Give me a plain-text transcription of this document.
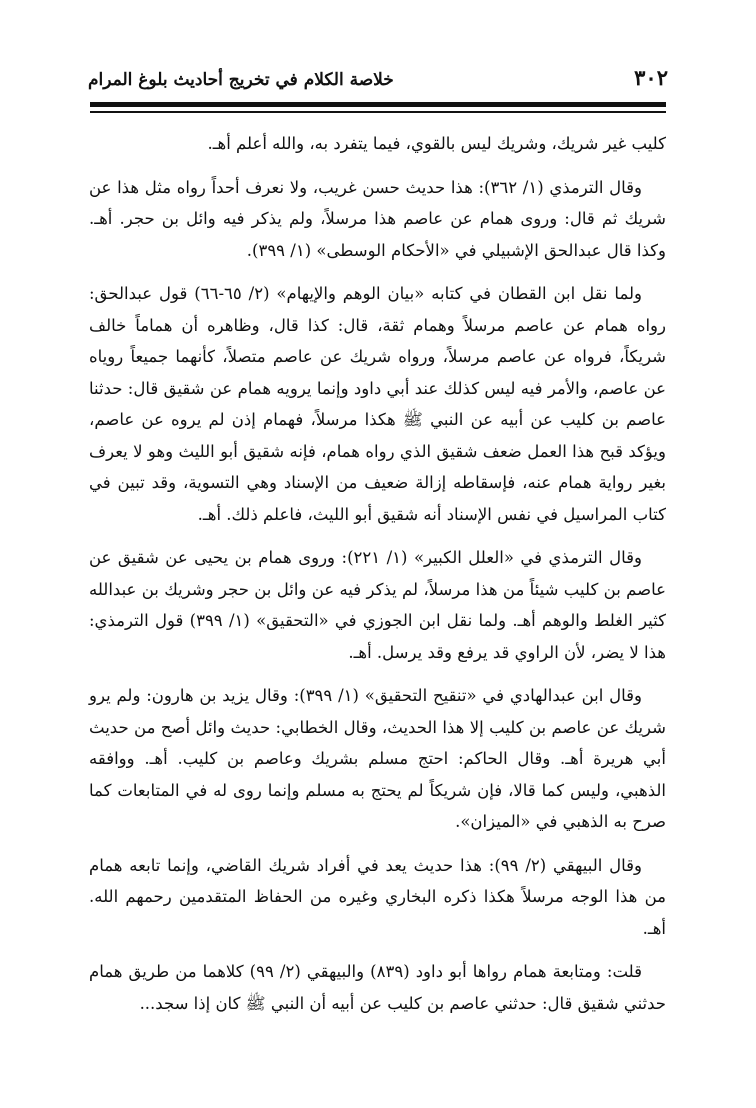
٣٠٢
خلاصة الكلام في تخريج أحاديث بلوغ المرام

كليب غير شريك، وشريك ليس بالقوي، فيما يتفرد به، والله أعلم أهـ.

وقال الترمذي (١/ ٣٦٢): هذا حديث حسن غريب، ولا نعرف أحداً رواه مثل هذا عن شريك ثم قال: وروى همام عن عاصم هذا مرسلاً، ولم يذكر فيه وائل بن حجر. أهـ. وكذا قال عبدالحق الإشبيلي في «الأحكام الوسطى» (١/ ٣٩٩).

ولما نقل ابن القطان في كتابه «بيان الوهم والإيهام» (٢/ ٦٥-٦٦) قول عبدالحق: رواه همام عن عاصم مرسلاً وهمام ثقة، قال: كذا قال، وظاهره أن هماماً خالف شريكاً، فرواه عن عاصم مرسلاً، ورواه شريك عن عاصم متصلاً، كأنهما جميعاً روياه عن عاصم، والأمر فيه ليس كذلك عند أبي داود وإنما يرويه همام عن شقيق قال: حدثنا عاصم بن كليب عن أبيه عن النبي ﷺ هكذا مرسلاً، فهمام إذن لم يروه عن عاصم، ويؤكد قبح هذا العمل ضعف شقيق الذي رواه همام، فإنه شقيق أبو الليث وهو لا يعرف بغير رواية همام عنه، فإسقاطه إزالة ضعيف من الإسناد وهي التسوية، وقد تبين في كتاب المراسيل في نفس الإسناد أنه شقيق أبو الليث، فاعلم ذلك. أهـ.

وقال الترمذي في «العلل الكبير» (١/ ٢٢١): وروى همام بن يحيى عن شقيق عن عاصم بن كليب شيئاً من هذا مرسلاً، لم يذكر فيه عن وائل بن حجر وشريك بن عبدالله كثير الغلط والوهم أهـ. ولما نقل ابن الجوزي في «التحقيق» (١/ ٣٩٩) قول الترمذي: هذا لا يضر، لأن الراوي قد يرفع وقد يرسل. أهـ.

وقال ابن عبدالهادي في «تنقيح التحقيق» (١/ ٣٩٩): وقال يزيد بن هارون: ولم يرو شريك عن عاصم بن كليب إلا هذا الحديث، وقال الخطابي: حديث وائل أصح من حديث أبي هريرة أهـ. وقال الحاكم: احتج مسلم بشريك وعاصم بن كليب. أهـ. ووافقه الذهبي، وليس كما قالا، فإن شريكاً لم يحتج به مسلم وإنما روى له في المتابعات كما صرح به الذهبي في «الميزان».

وقال البيهقي (٢/ ٩٩): هذا حديث يعد في أفراد شريك القاضي، وإنما تابعه همام من هذا الوجه مرسلاً هكذا ذكره البخاري وغيره من الحفاظ المتقدمين رحمهم الله. أهـ.

قلت: ومتابعة همام رواها أبو داود (٨٣٩) والبيهقي (٢/ ٩٩) كلاهما من طريق همام حدثني شقيق قال: حدثني عاصم بن كليب عن أبيه أن النبي ﷺ كان إذا سجد...
